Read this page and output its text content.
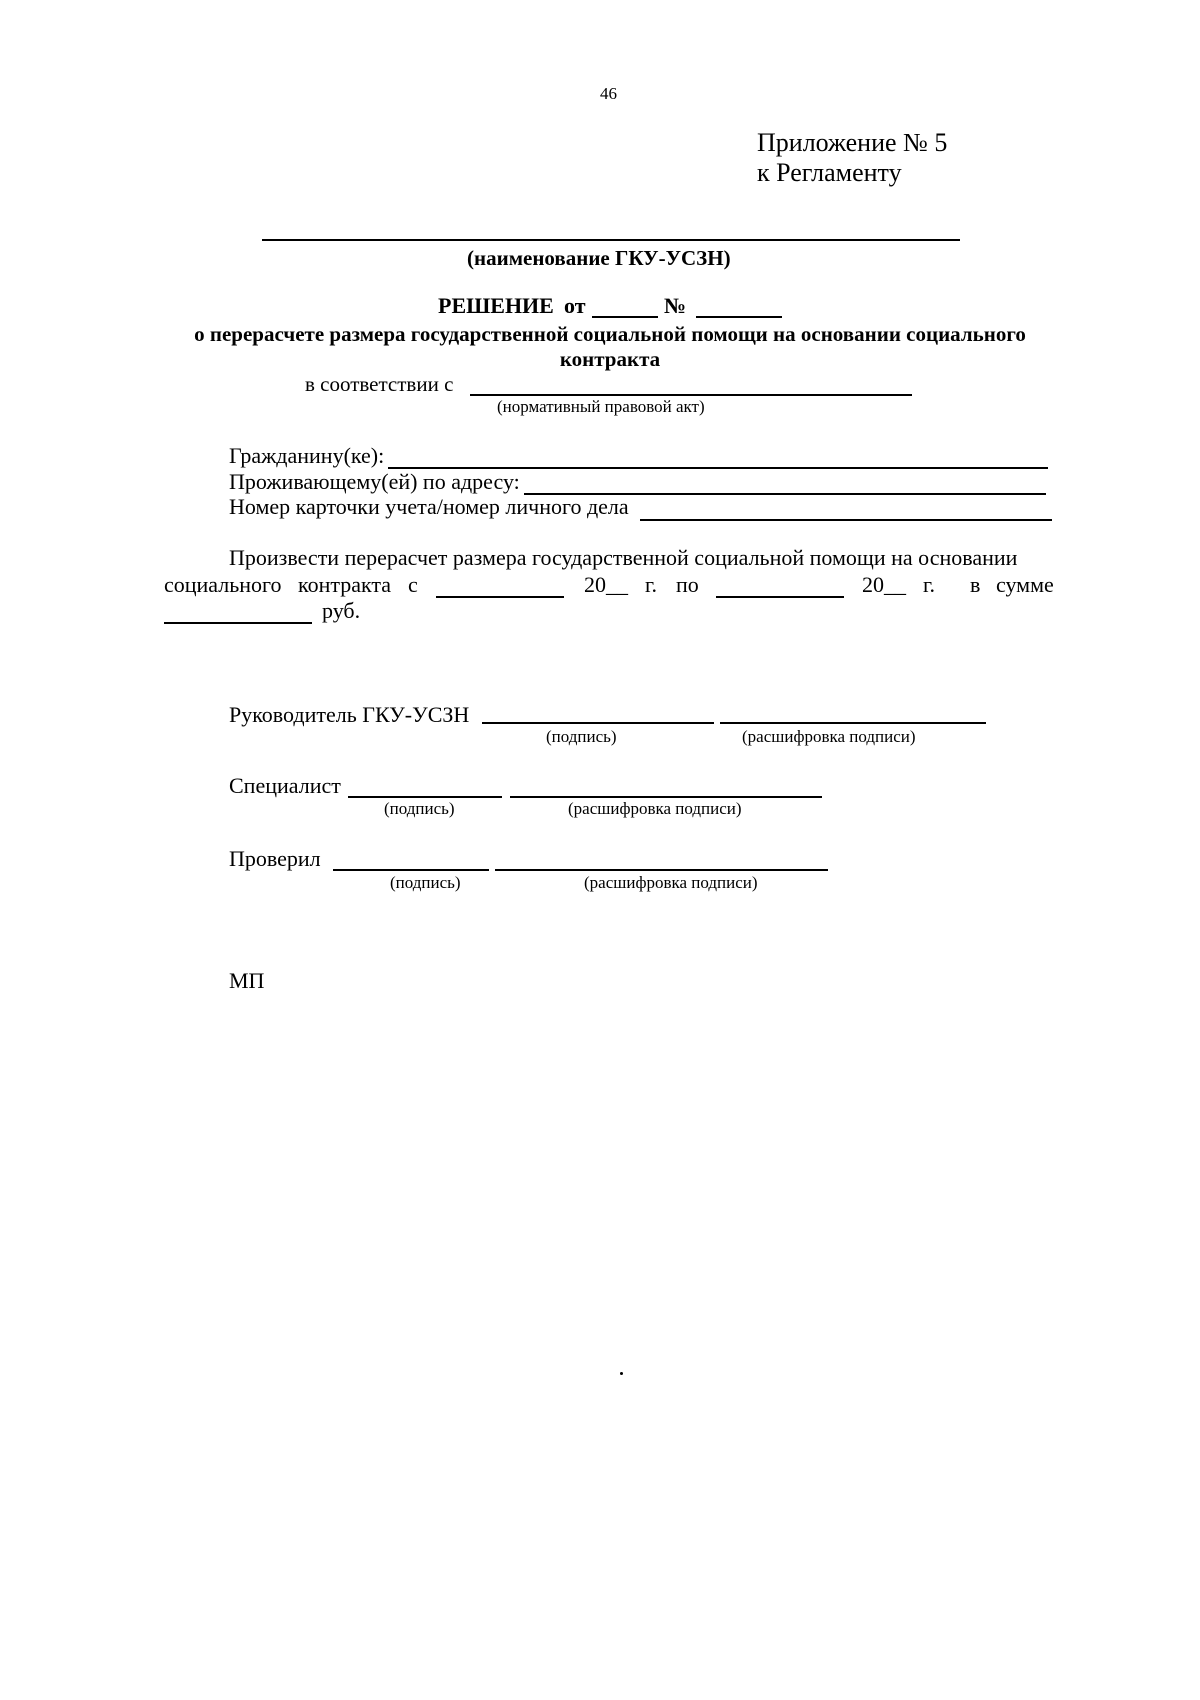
46
Приложение № 5
к Регламенту
(наименование ГКУ-УСЗН)
РЕШЕНИЕ от	№
о перерасчете размера государственной социальной помощи на основании социального
контракта
в соответствии с
(нормативный правовой акт)
Гражданину(ке):
Проживающему(ей) по адресу:
Номер карточки учета/номер личного дела
Произвести перерасчет размера государственной социальной помощи на основании
социального контракта с	20__ г. по	20__ г. в сумме
руб.
Руководитель ГКУ-УСЗН
(подпись)	(расшифровка подписи)
Специалист
(подпись)	(расшифровка подписи)
Проверил
(подпись)	(расшифровка подписи)
МП
